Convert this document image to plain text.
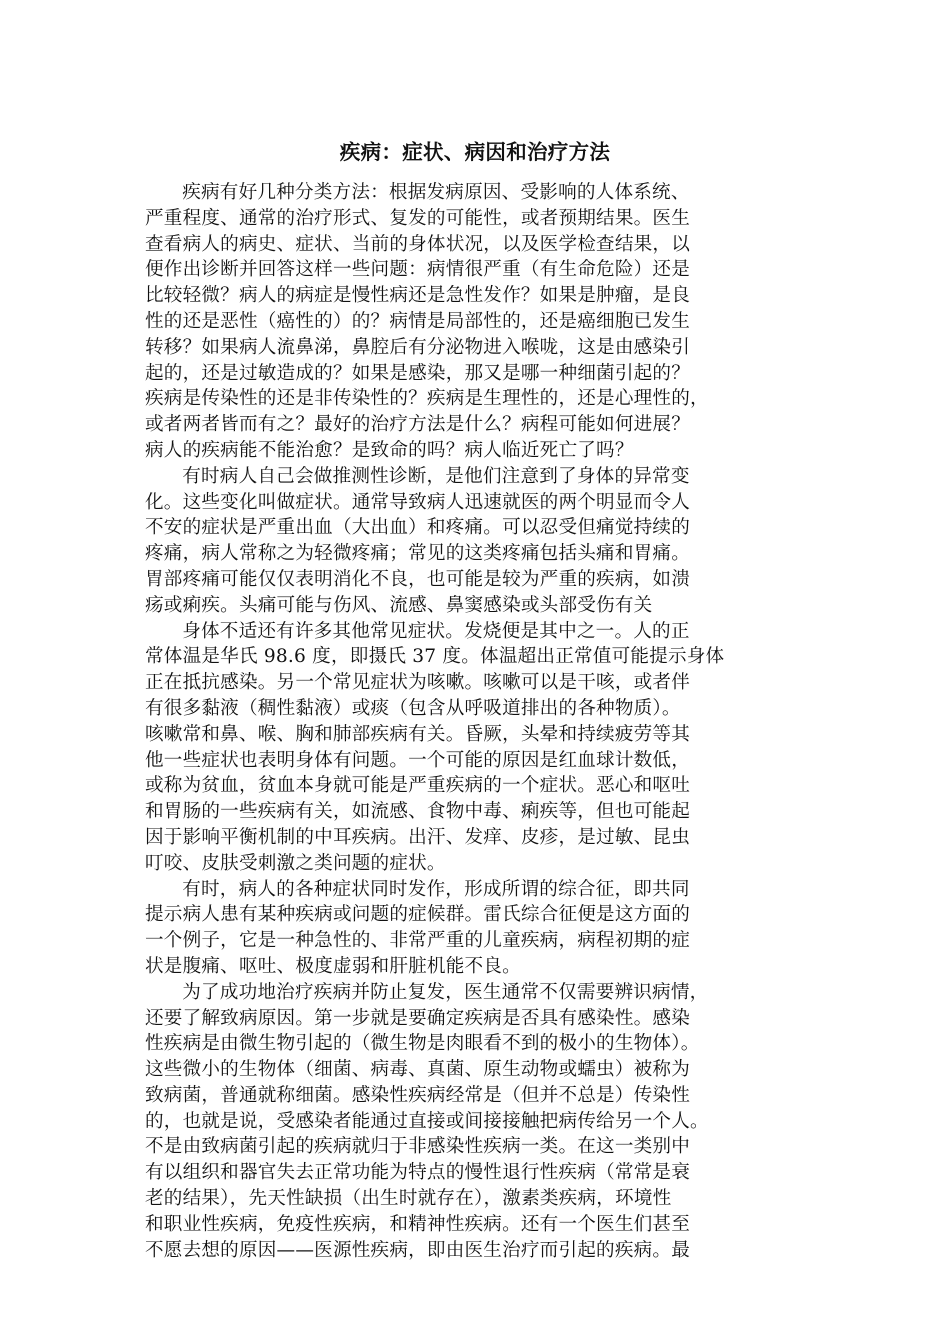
疾病：症状、病因和治疗方法

疾病有好几种分类方法：根据发病原因、受影响的人体系统、
严重程度、通常的治疗形式、复发的可能性，或者预期结果。医生
查看病人的病史、症状、当前的身体状况，以及医学检查结果，以
便作出诊断并回答这样一些问题：病情很严重（有生命危险）还是
比较轻微？病人的病症是慢性病还是急性发作？如果是肿瘤，是良
性的还是恶性（癌性的）的？病情是局部性的，还是癌细胞已发生
转移？如果病人流鼻涕，鼻腔后有分泌物进入喉咙，这是由感染引
起的，还是过敏造成的？如果是感染，那又是哪一种细菌引起的？
疾病是传染性的还是非传染性的？疾病是生理性的，还是心理性的，
或者两者皆而有之？最好的治疗方法是什么？病程可能如何进展？
病人的疾病能不能治愈？是致命的吗？病人临近死亡了吗？

有时病人自己会做推测性诊断，是他们注意到了身体的异常变
化。这些变化叫做症状。通常导致病人迅速就医的两个明显而令人
不安的症状是严重出血（大出血）和疼痛。可以忍受但痛觉持续的
疼痛，病人常称之为轻微疼痛；常见的这类疼痛包括头痛和胃痛。
胃部疼痛可能仅仅表明消化不良，也可能是较为严重的疾病，如溃
疡或痢疾。头痛可能与伤风、流感、鼻窦感染或头部受伤有关

身体不适还有许多其他常见症状。发烧便是其中之一。人的正
常体温是华氏 98.6 度，即摄氏 37 度。体温超出正常值可能提示身体
正在抵抗感染。另一个常见症状为咳嗽。咳嗽可以是干咳，或者伴
有很多黏液（稠性黏液）或痰（包含从呼吸道排出的各种物质）。
咳嗽常和鼻、喉、胸和肺部疾病有关。昏厥，头晕和持续疲劳等其
他一些症状也表明身体有问题。一个可能的原因是红血球计数低，
或称为贫血，贫血本身就可能是严重疾病的一个症状。恶心和呕吐
和胃肠的一些疾病有关，如流感、食物中毒、痢疾等，但也可能起
因于影响平衡机制的中耳疾病。出汗、发痒、皮疹，是过敏、昆虫
叮咬、皮肤受刺激之类问题的症状。

有时，病人的各种症状同时发作，形成所谓的综合征，即共同
提示病人患有某种疾病或问题的症候群。雷氏综合征便是这方面的
一个例子，它是一种急性的、非常严重的儿童疾病，病程初期的症
状是腹痛、呕吐、极度虚弱和肝脏机能不良。

为了成功地治疗疾病并防止复发，医生通常不仅需要辨识病情，
还要了解致病原因。第一步就是要确定疾病是否具有感染性。感染
性疾病是由微生物引起的（微生物是肉眼看不到的极小的生物体）。
这些微小的生物体（细菌、病毒、真菌、原生动物或蠕虫）被称为
致病菌，普通就称细菌。感染性疾病经常是（但并不总是）传染性
的，也就是说，受感染者能通过直接或间接接触把病传给另一个人。
不是由致病菌引起的疾病就归于非感染性疾病一类。在这一类别中
有以组织和器官失去正常功能为特点的慢性退行性疾病（常常是衰
老的结果），先天性缺损（出生时就存在），激素类疾病，环境性
和职业性疾病，免疫性疾病，和精神性疾病。还有一个医生们甚至
不愿去想的原因——医源性疾病，即由医生治疗而引起的疾病。最
